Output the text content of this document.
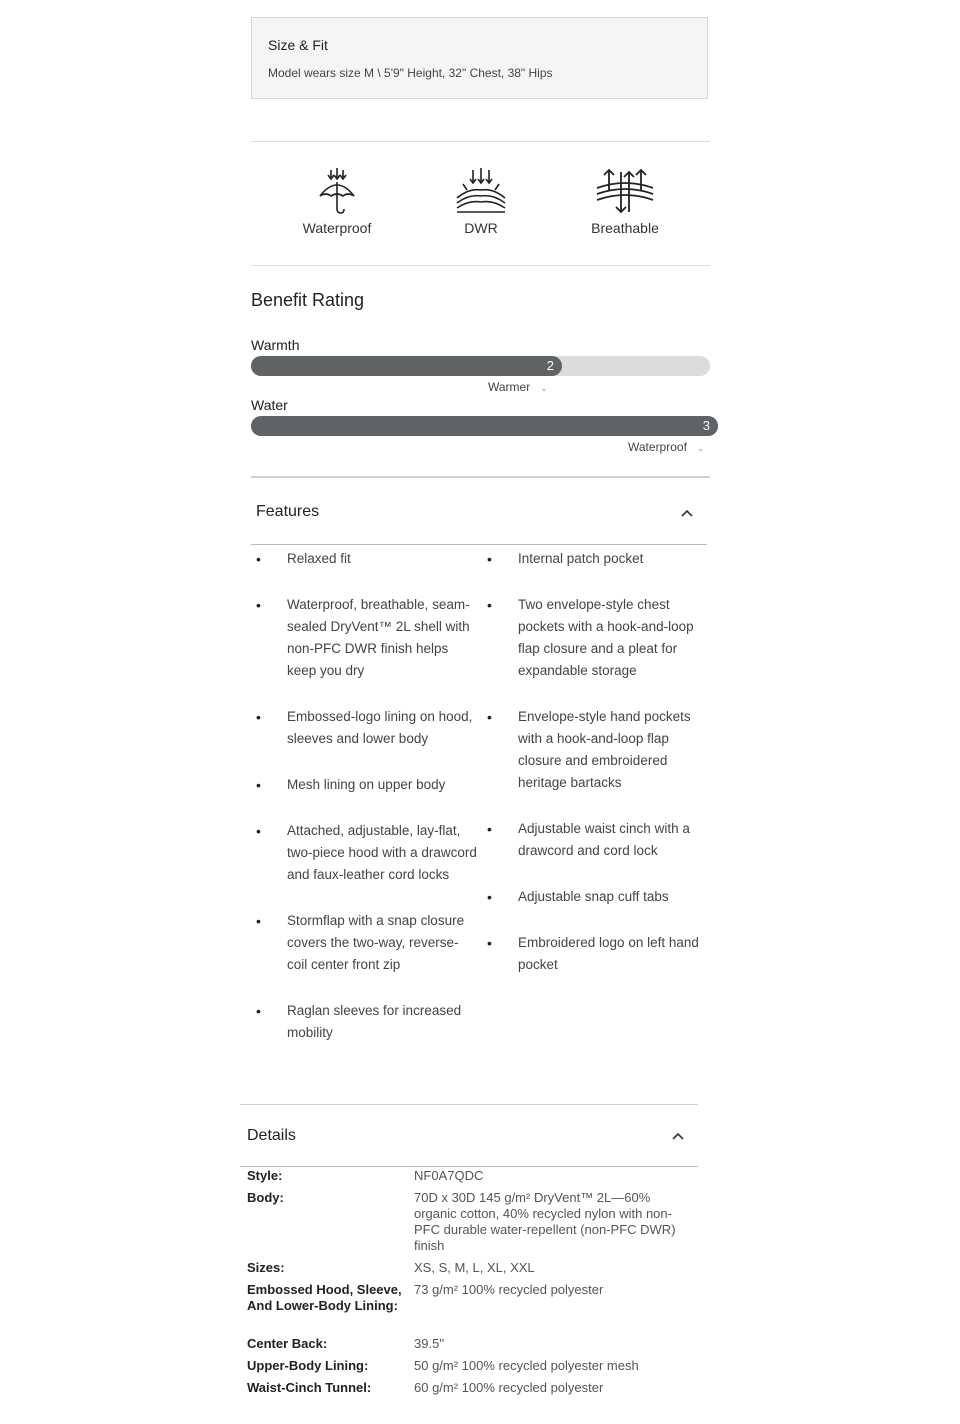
Size & Fit
Model wears size M \ 5'9" Height, 32" Chest, 38" Hips
Waterproof	DWR	Breathable
Benefit Rating
Warmth
2
Warmer ⌄
Water
3
Waterproof ⌄
Features
• Relaxed fit
• Waterproof, breathable, seam-sealed DryVent™ 2L shell with non-PFC DWR finish helps keep you dry
• Embossed-logo lining on hood, sleeves and lower body
• Mesh lining on upper body
• Attached, adjustable, lay-flat, two-piece hood with a drawcord and faux-leather cord locks
• Stormflap with a snap closure covers the two-way, reverse-coil center front zip
• Raglan sleeves for increased mobility
• Internal patch pocket
• Two envelope-style chest pockets with a hook-and-loop flap closure and a pleat for expandable storage
• Envelope-style hand pockets with a hook-and-loop flap closure and embroidered heritage bartacks
• Adjustable waist cinch with a drawcord and cord lock
• Adjustable snap cuff tabs
• Embroidered logo on left hand pocket
Details
Style:	NF0A7QDC
Body:	70D x 30D 145 g/m² DryVent™ 2L—60% organic cotton, 40% recycled nylon with non-PFC durable water-repellent (non-PFC DWR) finish
Sizes:	XS, S, M, L, XL, XXL
Embossed Hood, Sleeve, And Lower-Body Lining:
73 g/m² 100% recycled polyester
Center Back:	39.5''
Upper-Body Lining:	50 g/m² 100% recycled polyester mesh
Waist-Cinch Tunnel:	60 g/m² 100% recycled polyester
